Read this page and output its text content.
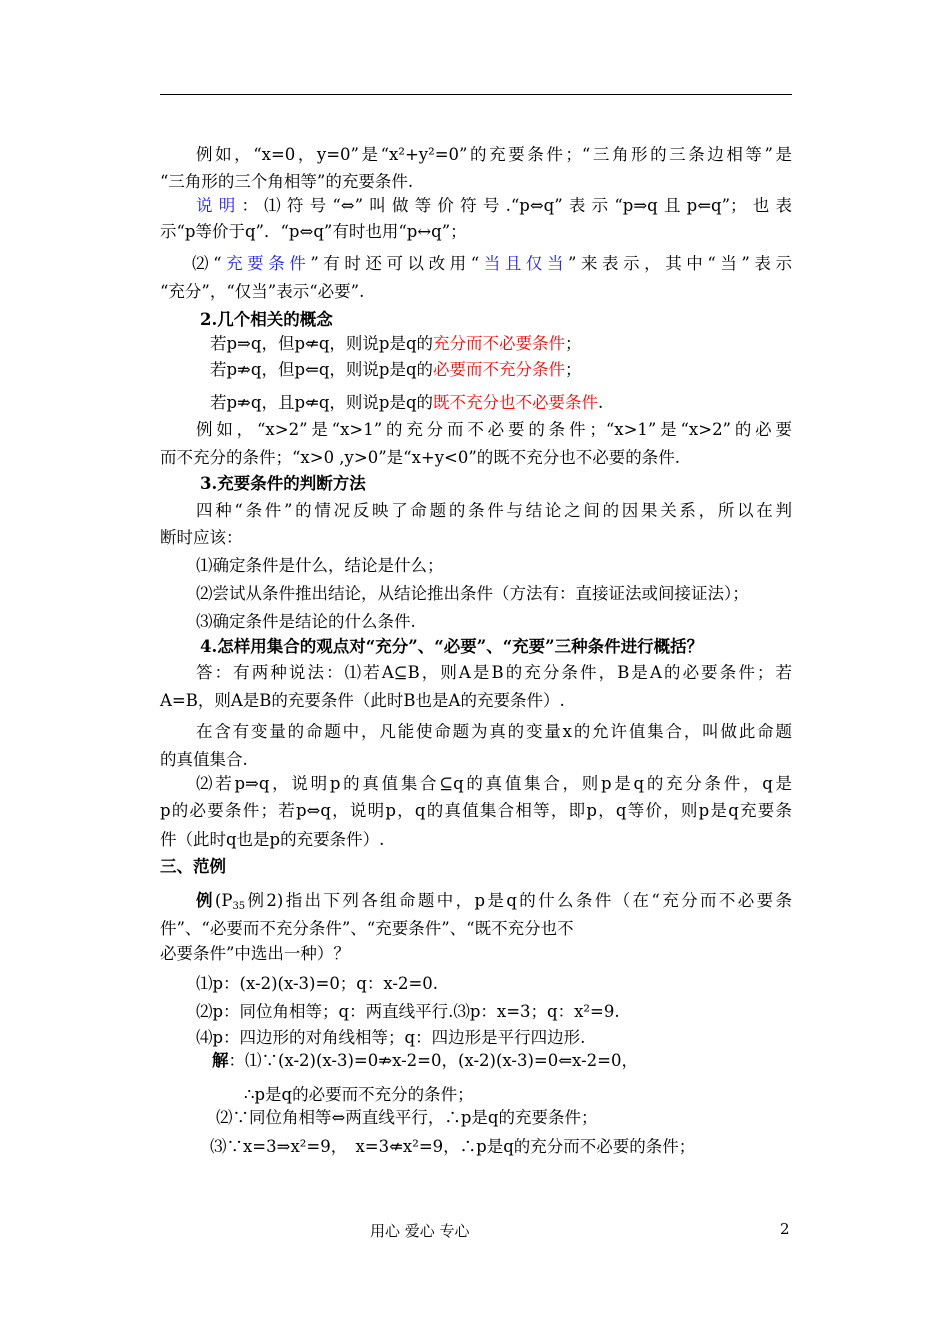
例如，“x=0，y=0”是“x²+y²=0”的充要条件；“三角形的三条边相等”是
“三角形的三个角相等”的充要条件.
说明：⑴符号“⇔”叫做等价符号.“p⇔q”表示“p⇒q且p⇐q”；也表
示“p等价于q”．“p⇔q”有时也用“p↔q”；
⑵“充要条件”有时还可以改用“当且仅当”来表示，其中“当”表示
“充分”，“仅当”表示“必要”.
2.几个相关的概念
若p⇒q，但p⇍q，则说p是q的充分而不必要条件；
若p⇏q，但p⇐q，则说p是q的必要而不充分条件；
若p⇏q，且p⇍q，则说p是q的既不充分也不必要条件.
例如，“x>2”是“x>1”的充分而不必要的条件；“x>1”是“x>2”的必要
而不充分的条件；“x>0 ,y>0”是“x+y<0”的既不充分也不必要的条件.
3.充要条件的判断方法
四种“条件”的情况反映了命题的条件与结论之间的因果关系，所以在判
断时应该：
⑴确定条件是什么，结论是什么；
⑵尝试从条件推出结论，从结论推出条件（方法有：直接证法或间接证法）；
⑶确定条件是结论的什么条件.
4.怎样用集合的观点对“充分”、“必要”、“充要”三种条件进行概括？
答：有两种说法：⑴若A⊆B，则A是B的充分条件，B是A的必要条件；若
A=B，则A是B的充要条件（此时B也是A的充要条件）.
在含有变量的命题中，凡能使命题为真的变量x的允许值集合，叫做此命题
的真值集合.
⑵若p⇒q，说明p的真值集合⊆q的真值集合，则p是q的充分条件，q是
p的必要条件；若p⇔q，说明p，q的真值集合相等，即p，q等价，则p是q充要条
件（此时q也是p的充要条件）.
三、范例
例($P_{35}$例2)指出下列各组命题中，p是q的什么条件（在“充分而不必要条
件”、“必要而不充分条件”、“充要条件”、“既不充分也不
必要条件”中选出一种）？
⑴p：(x-2)(x-3)=0；q：x-2=0.
⑵p：同位角相等；q：两直线平行.⑶p：x=3；q：x²=9.
⑷p：四边形的对角线相等；q：四边形是平行四边形.
解：⑴∵(x-2)(x-3)=0⇏x-2=0，(x-2)(x-3)=0⇐x-2=0，
∴p是q的必要而不充分的条件；
⑵∵同位角相等⇔两直线平行，∴p是q的充要条件；
⑶∵x=3⇒x²=9，　x=3⇍x²=9，∴p是q的充分而不必要的条件；
用心 爱心 专心	2
